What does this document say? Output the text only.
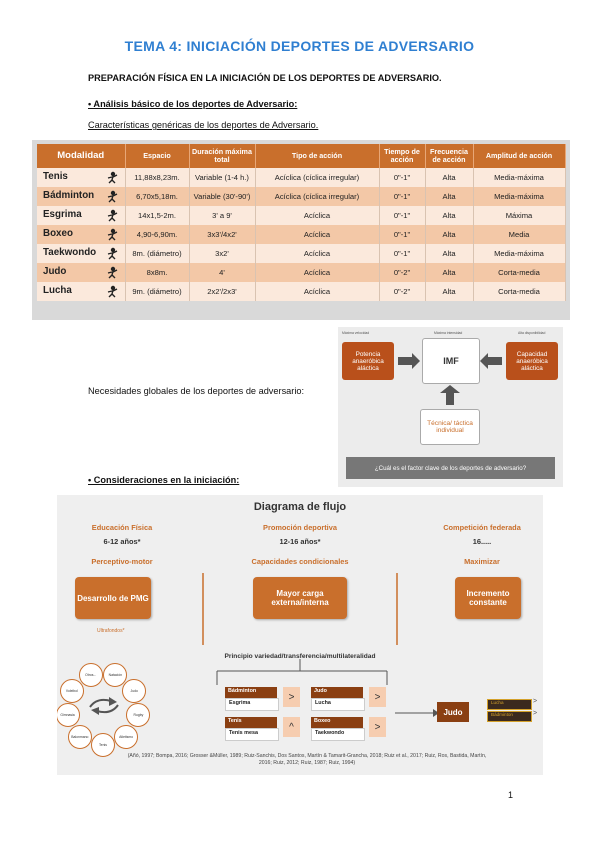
TEMA 4: INICIACIÓN DEPORTES DE ADVERSARIO
PREPARACIÓN FÍSICA EN LA INICIACIÓN DE LOS DEPORTES DE ADVERSARIO.
• Análisis básico de los deportes de Adversario:
Características genéricas de los deportes de Adversario.
Modalidad	Espacio	Duración máxima total	Tipo de acción	Tiempo de acción	Frecuencia de acción	Amplitud de acción
Tenis	11,88x8,23m.	Variable (1-4 h.)	Acíclica (cíclica irregular)	0"-1"	Alta	Media-máxima
Bádminton	6,70x5,18m.	Variable (30'-90')	Acíclica (cíclica irregular)	0"-1"	Alta	Media-máxima
Esgrima	14x1,5-2m.	3' a 9'	Acíclica	0"-1"	Alta	Máxima
Boxeo	4,90-6,90m.	3x3'/4x2'	Acíclica	0"-1"	Alta	Media
Taekwondo	8m. (diámetro)	3x2'	Acíclica	0"-1"	Alta	Media-máxima
Judo	8x8m.	4'	Acíclica	0"-2"	Alta	Corta-media
Lucha	9m. (diámetro)	2x2'/2x3'	Acíclica	0"-2"	Alta	Corta-media
Necesidades globales de los deportes de adversario:
Máxima velocidad	Máxima intensidad	Alta disponibilidad
Potencia anaeróbica aláctica
IMF
Capacidad anaeróbica aláctica
Técnica/ táctica individual
¿Cuál es el factor clave de los deportes de adversario?
• Consideraciones en la iniciación:
Diagrama de flujo
Educación Física	Promoción deportiva	Competición federada
6-12 años*	12-16 años*	16.....
Perceptivo-motor	Capacidades condicionales	Maximizar
Desarrollo de PMG	Mayor carga externa/interna
Incremento constante
Ultrafondos*
Principio variedad/transferencia/multilateralidad
Natación
Judo
Rugby
Atletismo
Tenis
Balonmano
Gimnasia
Voleibol
Otros...
Bádminton
Esgrima
>
Judo
Lucha
>
Tenis
Tenis mesa
^
Boxeo
Taekwondo
>
Judo
Lucha
Bádminton
>
>
(Añó, 1997; Bompa, 2016; Grosser &Müller, 1989; Ruiz-Sanchis, Dos Santos, Martín & Tamarit-Grancha, 2018; Ruiz et al., 2017; Ruiz, Ros, Bastida, Martín, 2016; Ruiz, 2012; Ruiz, 1987; Ruiz, 1994)
1
